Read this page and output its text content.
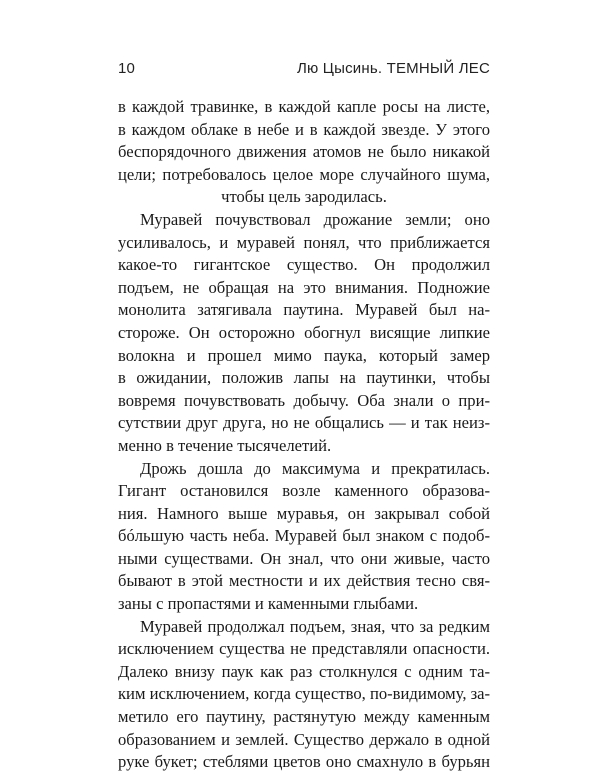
10	Лю Цысинь. ТЕМНЫЙ ЛЕС
в каждой травинке, в каждой капле росы на листе,
в каждом облаке в небе и в каждой звезде. У этого
беспорядочного движения атомов не было никакой
цели; потребовалось целое море случайного шума,
чтобы цель зародилась.
Муравей почувствовал дрожание земли; оно
усиливалось, и муравей понял, что приближается
какое-то гигантское существо. Он продолжил
подъем, не обращая на это внимания. Подножие
монолита затягивала паутина. Муравей был на-
стороже. Он осторожно обогнул висящие липкие
волокна и прошел мимо паука, который замер
в ожидании, положив лапы на паутинки, чтобы
вовремя почувствовать добычу. Оба знали о при-
сутствии друг друга, но не общались — и так неиз-
менно в течение тысячелетий.
Дрожь дошла до максимума и прекратилась.
Гигант остановился возле каменного образова-
ния. Намного выше муравья, он закрывал собой
бóльшую часть неба. Муравей был знаком с подоб-
ными существами. Он знал, что они живые, часто
бывают в этой местности и их действия тесно свя-
заны с пропастями и каменными глыбами.
Муравей продолжал подъем, зная, что за редким
исключением существа не представляли опасности.
Далеко внизу паук как раз столкнулся с одним та-
ким исключением, когда существо, по-видимому, за-
метило его паутину, растянутую между каменным
образованием и землей. Существо держало в одной
руке букет; стеблями цветов оно смахнуло в бурьян
